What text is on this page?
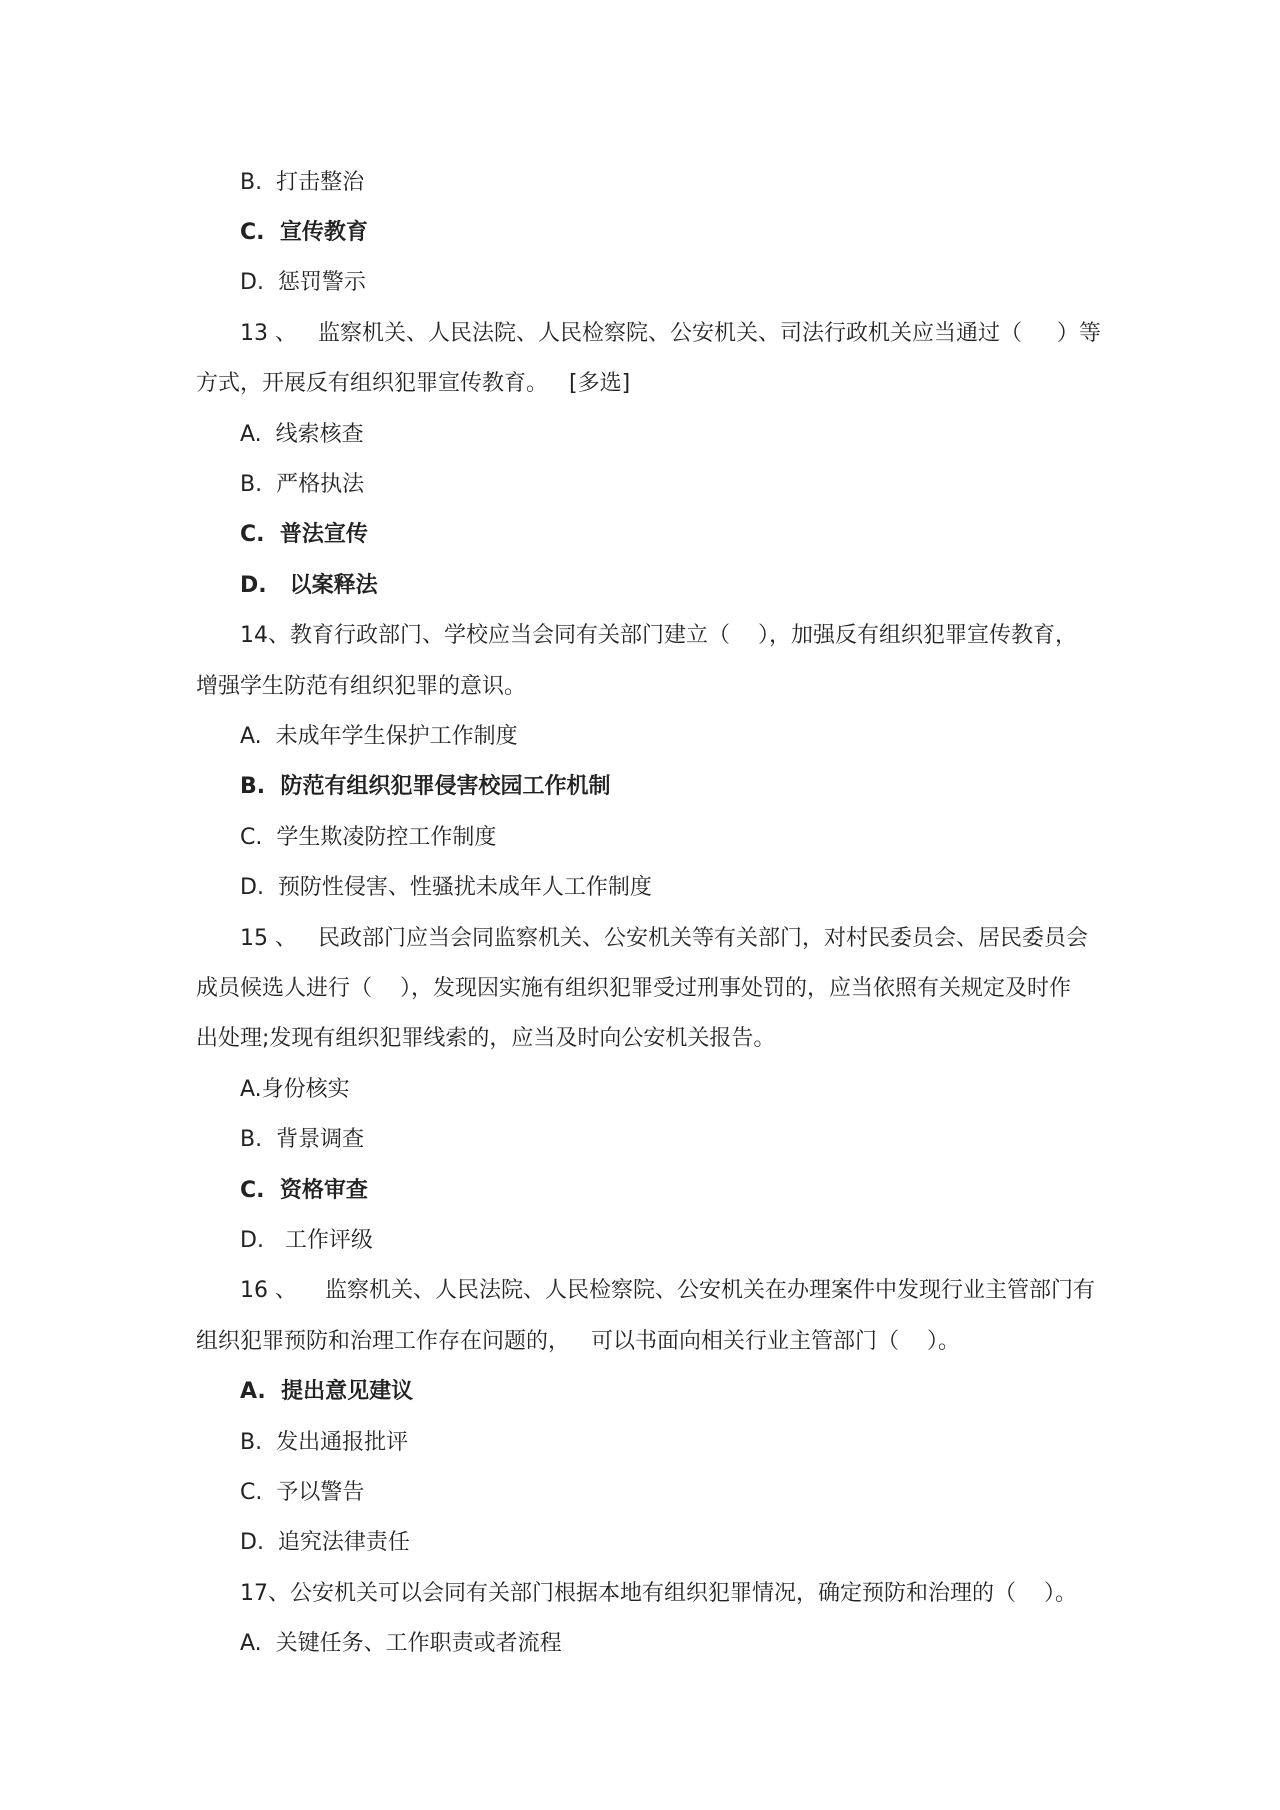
B.  打击整治

C.  宣传教育

D.  惩罚警示

13 、   监察机关、人民法院、人民检察院、公安机关、司法行政机关应当通过（     ）等

方式，开展反有组织犯罪宣传教育。   [多选]

A.  线索核查

B.  严格执法

C.  普法宣传

D.   以案释法

14、教育行政部门、学校应当会同有关部门建立（    ），加强反有组织犯罪宣传教育，

增强学生防范有组织犯罪的意识。

A.  未成年学生保护工作制度

B.  防范有组织犯罪侵害校园工作机制

C.  学生欺凌防控工作制度

D.  预防性侵害、性骚扰未成年人工作制度

15 、   民政部门应当会同监察机关、公安机关等有关部门，对村民委员会、居民委员会

成员候选人进行（    ），发现因实施有组织犯罪受过刑事处罚的，应当依照有关规定及时作

出处理;发现有组织犯罪线索的，应当及时向公安机关报告。

A.身份核实

B.  背景调查

C.  资格审查

D.   工作评级

16 、    监察机关、人民法院、人民检察院、公安机关在办理案件中发现行业主管部门有

组织犯罪预防和治理工作存在问题的，   可以书面向相关行业主管部门（    ）。

A.  提出意见建议

B.  发出通报批评

C.  予以警告

D.  追究法律责任

17、公安机关可以会同有关部门根据本地有组织犯罪情况，确定预防和治理的（    ）。

A.  关键任务、工作职责或者流程
